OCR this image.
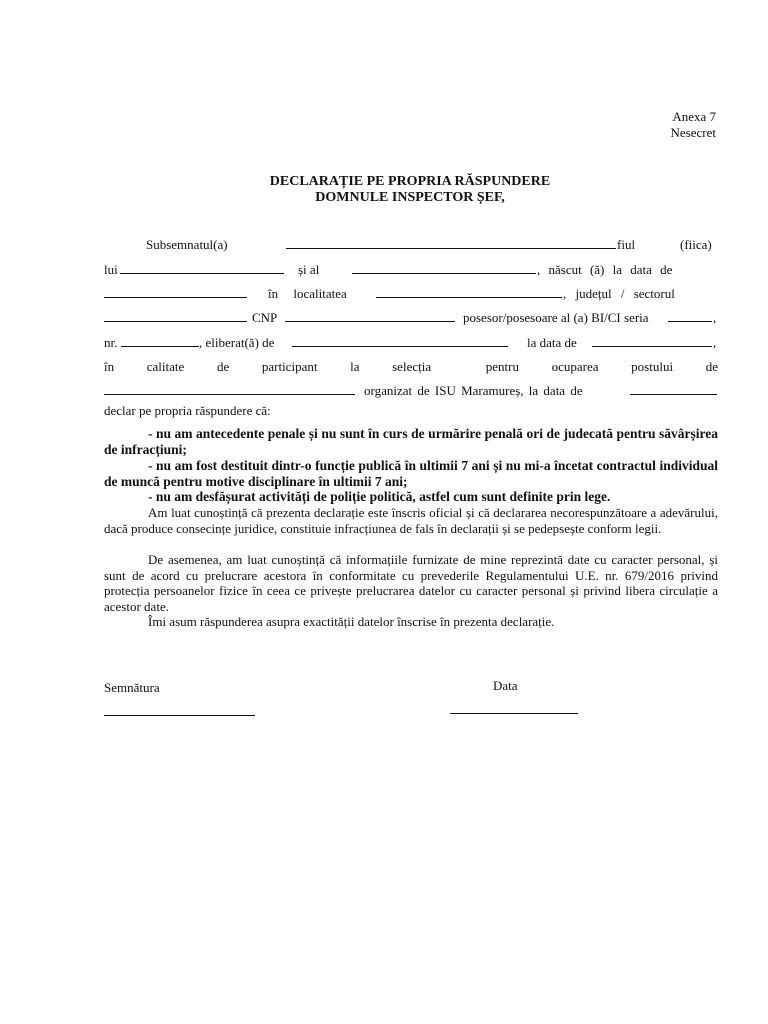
Anexa 7
Nesecret
DECLARAȚIE PE PROPRIA RĂSPUNDERE
DOMNULE INSPECTOR ȘEF,
Subsemnatul(a)	fiul	(fiica)
lui	și al	, născut (ă) la data de
în localitatea	, județul / sectorul
CNP	posesor/posesoare al (a) BI/CI seria	,
nr.	, eliberat(ă) de	la data de	,
în	calitate	de	participant	la	selecția	pentru	ocuparea	postului	de
organizat de ISU Maramureș, la data de
declar pe propria răspundere că:
- nu am antecedente penale și nu sunt în curs de urmărire penală ori de judecată pentru săvârșirea de infracțiuni;
- nu am fost destituit dintr-o funcție publică în ultimii 7 ani și nu mi-a încetat contractul individual de muncă pentru motive disciplinare în ultimii 7 ani;
- nu am desfășurat activități de poliție politică, astfel cum sunt definite prin lege.
Am luat cunoștință că prezenta declarație este înscris oficial și că declararea necorespunzătoare a adevărului, dacă produce consecințe juridice, constituie infracțiunea de fals în declarații și se pedepsește conform legii.
De asemenea, am luat cunoștință că informațiile furnizate de mine reprezintă date cu caracter personal, și sunt de acord cu prelucrare acestora în conformitate cu prevederile Regulamentului U.E. nr. 679/2016 privind protecția persoanelor fizice în ceea ce privește prelucrarea datelor cu caracter personal și privind libera circulație a acestor date.
Îmi asum răspunderea asupra exactității datelor înscrise în prezenta declarație.
Semnătura	Data
